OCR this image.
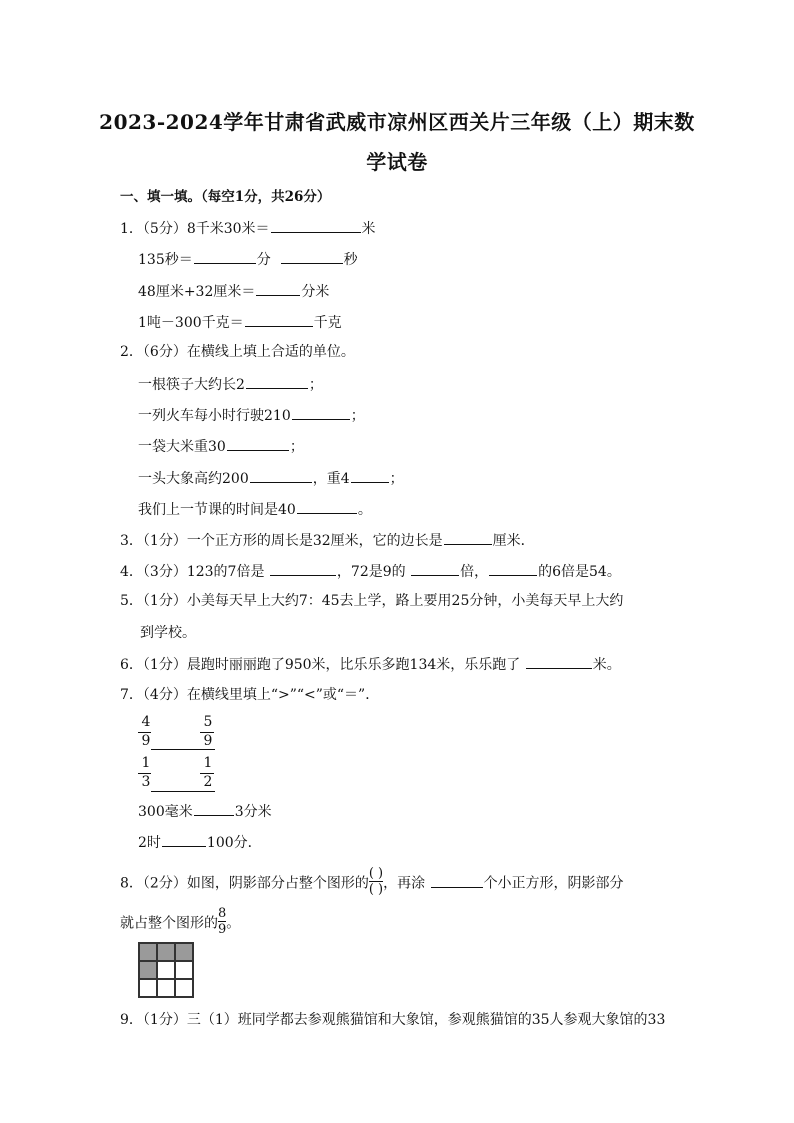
2023-2024学年甘肃省武威市凉州区西关片三年级（上）期末数
学试卷
一、填一填。（每空1分，共26分）
1．（5分）8千米30米＝	米
135秒＝	分	秒
48厘米+32厘米＝	分米
1吨－300千克＝	千克
2．（6分）在横线上填上合适的单位。
一根筷子大约长2	；
一列火车每小时行驶210	；
一袋大米重30	；
一头大象高约200	，重4	；
我们上一节课的时间是40	。
3．（1分）一个正方形的周长是32厘米，它的边长是	厘米．
4．（3分）123的7倍是	，72是9的	倍，	的6倍是54。
5．（1分）小美每天早上大约7：45去上学，路上要用25分钟，小美每天早上大约
到学校。
6．（1分）晨跑时丽丽跑了950米，比乐乐多跑134米，乐乐跑了	米。
7．（4分）在横线里填上“>”“<”或“＝”．
4
9
5
9
1
3
1
2
300毫米	3分米
2时	100分．
8．（2分）如图，阴影部分占整个图形的
( )
( ) ，再涂	个小正方形，阴影部分
就占整个图形的 $\frac{8}{9}$ 。
9．（1分）三（1）班同学都去参观熊猫馆和大象馆，参观熊猫馆的35人参观大象馆的33
